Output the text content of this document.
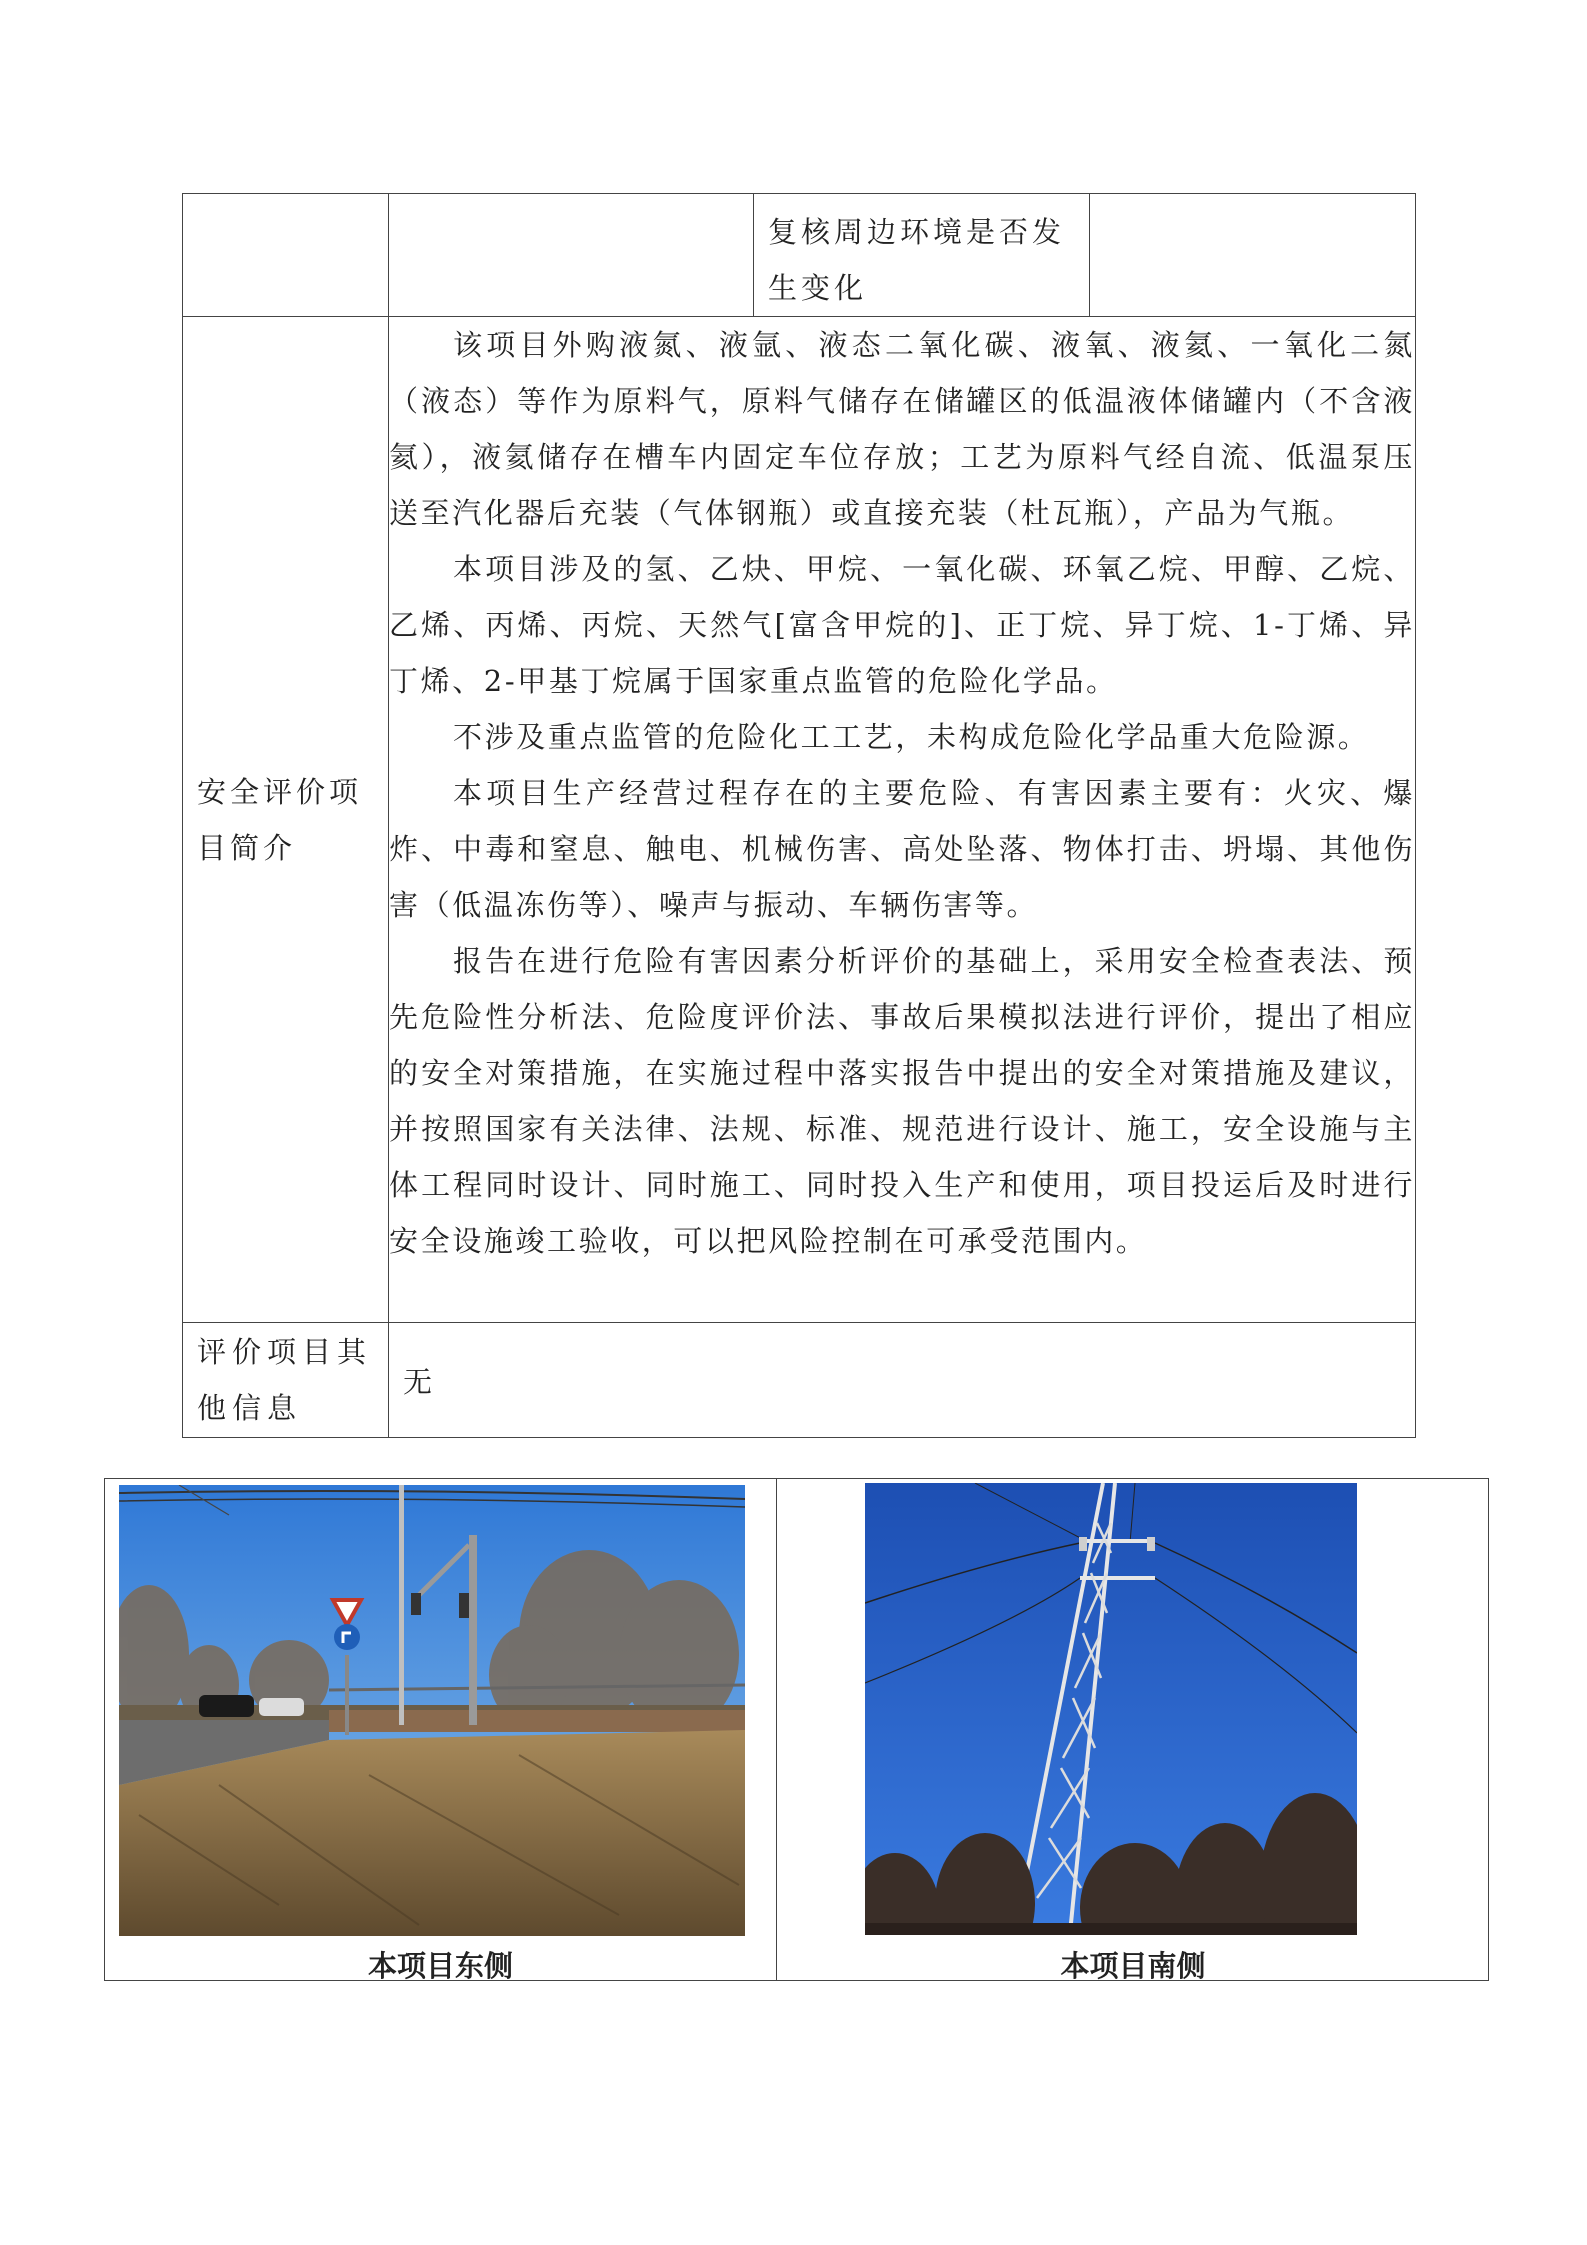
		复核周边环境是否发生变化	

安全评价项目简介	该项目外购液氮、液氩、液态二氧化碳、液氧、液氦、一氧化二氮（液态）等作为原料气，原料气储存在储罐区的低温液体储罐内（不含液氦），液氦储存在槽车内固定车位存放；工艺为原料气经自流、低温泵压送至汽化器后充装（气体钢瓶）或直接充装（杜瓦瓶），产品为气瓶。

本项目涉及的氢、乙炔、甲烷、一氧化碳、环氧乙烷、甲醇、乙烷、乙烯、丙烯、丙烷、天然气[富含甲烷的]、正丁烷、异丁烷、1-丁烯、异丁烯、2-甲基丁烷属于国家重点监管的危险化学品。

不涉及重点监管的危险化工工艺，未构成危险化学品重大危险源。

本项目生产经营过程存在的主要危险、有害因素主要有：火灾、爆炸、中毒和窒息、触电、机械伤害、高处坠落、物体打击、坍塌、其他伤害（低温冻伤等）、噪声与振动、车辆伤害等。

报告在进行危险有害因素分析评价的基础上，采用安全检查表法、预先危险性分析法、危险度评价法、事故后果模拟法进行评价，提出了相应的安全对策措施，在实施过程中落实报告中提出的安全对策措施及建议，并按照国家有关法律、法规、标准、规范进行设计、施工，安全设施与主体工程同时设计、同时施工、同时投入生产和使用，项目投运后及时进行安全设施竣工验收，可以把风险控制在可承受范围内。		

评价项目其他信息	无		
本项目东侧	本项目南侧
